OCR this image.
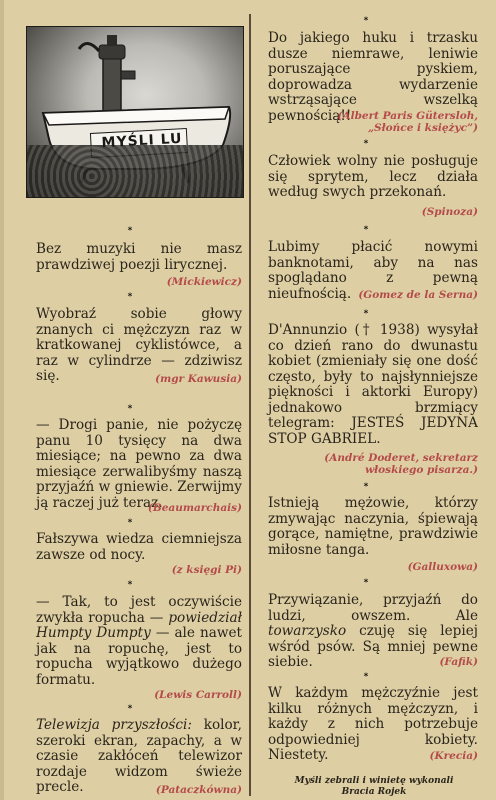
MYŚLI LU
*
Bez muzyki nie masz prawdziwej poezji lirycznej.
(Mickiewicz)
*
Wyobraź sobie głowy znanych ci mężczyzn raz w kratkowanej cyklistówce, a raz w cylindrze — zdziwisz się.	(mgr Kawusia)
*
— Drogi panie, nie pożyczę panu 10 tysięcy na dwa miesiące; na pewno za dwa miesiące zerwalibyśmy naszą przyjaźń w gniewie. Zerwijmy ją raczej już teraz.
(Beaumarchais)
*
Fałszywa wiedza ciemniejsza zawsze od nocy.
(z księgi Pi)
*
— Tak, to jest oczywiście zwykła ropucha — powiedział Humpty Dumpty — ale nawet jak na ropuchę, jest to ropucha wyjątkowo dużego formatu.
(Lewis Carroll)
*
Telewizja przyszłości: kolor, szeroki ekran, zapachy, a w czasie zakłóceń telewizor rozdaje widzom świeże precle.	(Pataczkówna)
*
Do jakiego huku i trzasku dusze niemrawe, leniwie poruszające pyskiem, doprowadza wydarzenie wstrząsające wszelką pewnością!!
(Albert Paris Gütersloh, „Słońce i księżyc”)
*
Człowiek wolny nie posługuje się sprytem, lecz działa według swych przekonań.
(Spinoza)
*
Lubimy płacić nowymi banknotami, aby na nas spoglądano z pewną nieufnością. (Gomez de la Serna)
*
D'Annunzio († 1938) wysyłał co dzień rano do dwunastu kobiet (zmieniały się one dość często, były to najsłynniejsze piękności i aktorki Europy) jednakowo brzmiący telegram: JESTEŚ JEDYNA STOP GABRIEL.
(André Doderet, sekretarz włoskiego pisarza.)
*
Istnieją mężowie, którzy zmywając naczynia, śpiewają gorące, namiętne, prawdziwie miłosne tanga.
(Galluxowa)
*
Przywiązanie, przyjaźń do ludzi, owszem. Ale towarzysko czuję się lepiej wśród psów. Są mniej pewne siebie.	(Fafik)
*
W każdym mężczyźnie jest kilku różnych mężczyzn, i każdy z nich potrzebuje odpowiedniej kobiety. Niestety.	(Krecia)
Myśli zebrali i winietę wykonali Bracia Rojek
